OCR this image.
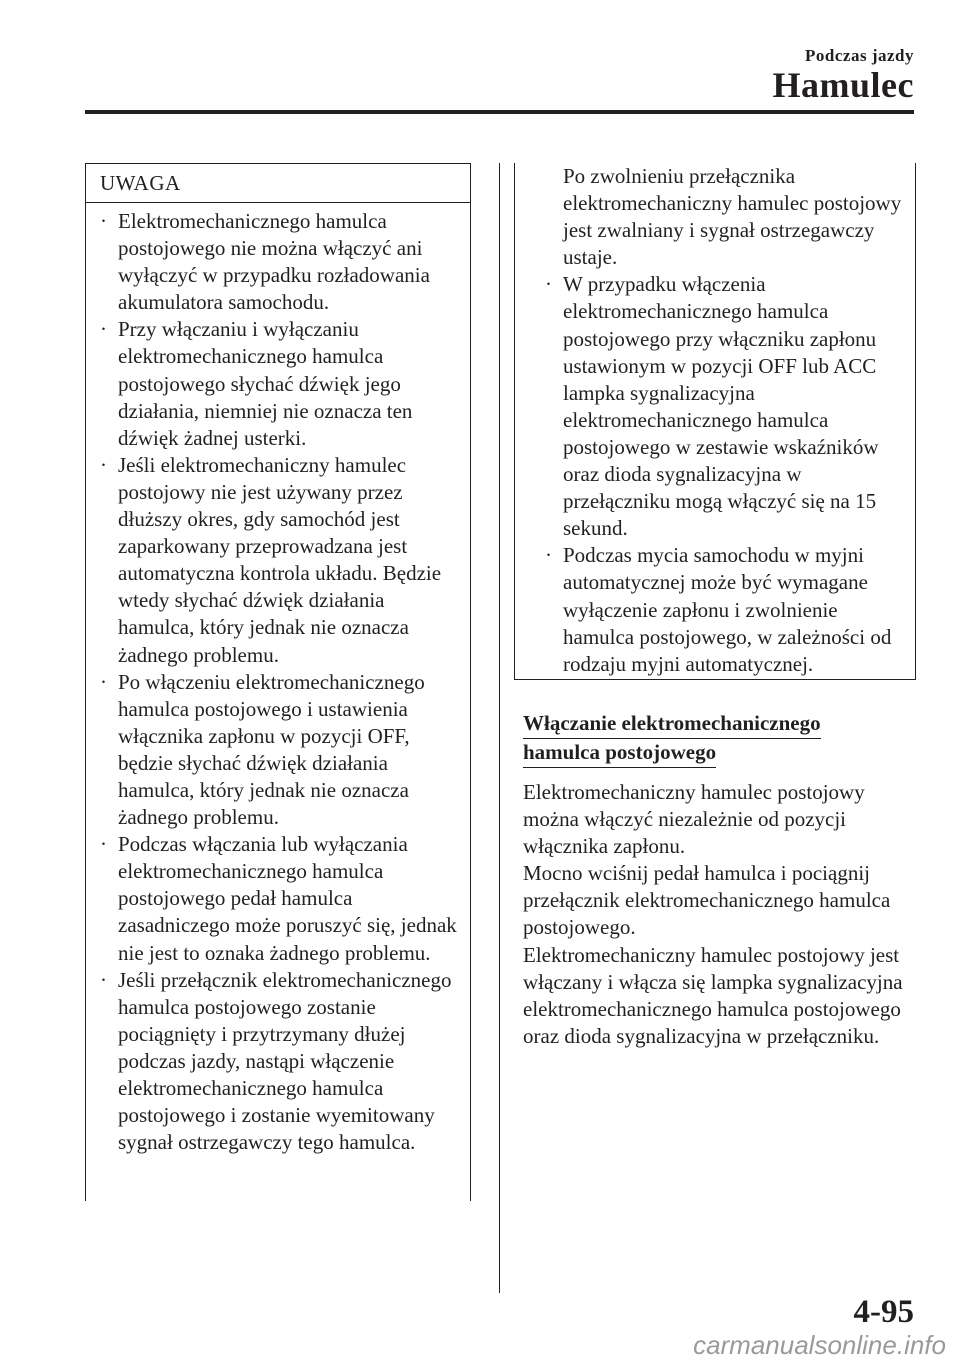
Podczas jazdy
Hamulec
UWAGA
· Elektromechanicznego hamulca postojowego nie można włączyć ani wyłączyć w przypadku rozładowania akumulatora samochodu.
· Przy włączaniu i wyłączaniu elektromechanicznego hamulca postojowego słychać dźwięk jego działania, niemniej nie oznacza ten dźwięk żadnej usterki.
· Jeśli elektromechaniczny hamulec postojowy nie jest używany przez dłuższy okres, gdy samochód jest zaparkowany przeprowadzana jest automatyczna kontrola układu. Będzie wtedy słychać dźwięk działania hamulca, który jednak nie oznacza żadnego problemu.
· Po włączeniu elektromechanicznego hamulca postojowego i ustawienia włącznika zapłonu w pozycji OFF, będzie słychać dźwięk działania hamulca, który jednak nie oznacza żadnego problemu.
· Podczas włączania lub wyłączania elektromechanicznego hamulca postojowego pedał hamulca zasadniczego może poruszyć się, jednak nie jest to oznaka żadnego problemu.
· Jeśli przełącznik elektromechanicznego hamulca postojowego zostanie pociągnięty i przytrzymany dłużej podczas jazdy, nastąpi włączenie elektromechanicznego hamulca postojowego i zostanie wyemitowany sygnał ostrzegawczy tego hamulca.
Po zwolnieniu przełącznika elektromechaniczny hamulec postojowy jest zwalniany i sygnał ostrzegawczy ustaje.
· W przypadku włączenia elektromechanicznego hamulca postojowego przy włączniku zapłonu ustawionym w pozycji OFF lub ACC lampka sygnalizacyjna elektromechanicznego hamulca postojowego w zestawie wskaźników oraz dioda sygnalizacyjna w przełączniku mogą włączyć się na 15 sekund.
· Podczas mycia samochodu w myjni automatycznej może być wymagane wyłączenie zapłonu i zwolnienie hamulca postojowego, w zależności od rodzaju myjni automatycznej.
Włączanie elektromechanicznego
hamulca postojowego
Elektromechaniczny hamulec postojowy można włączyć niezależnie od pozycji włącznika zapłonu.
Mocno wciśnij pedał hamulca i pociągnij przełącznik elektromechanicznego hamulca postojowego.
Elektromechaniczny hamulec postojowy jest włączany i włącza się lampka sygnalizacyjna elektromechanicznego hamulca postojowego oraz dioda sygnalizacyjna w przełączniku.
4-95
carmanualsonline.info
